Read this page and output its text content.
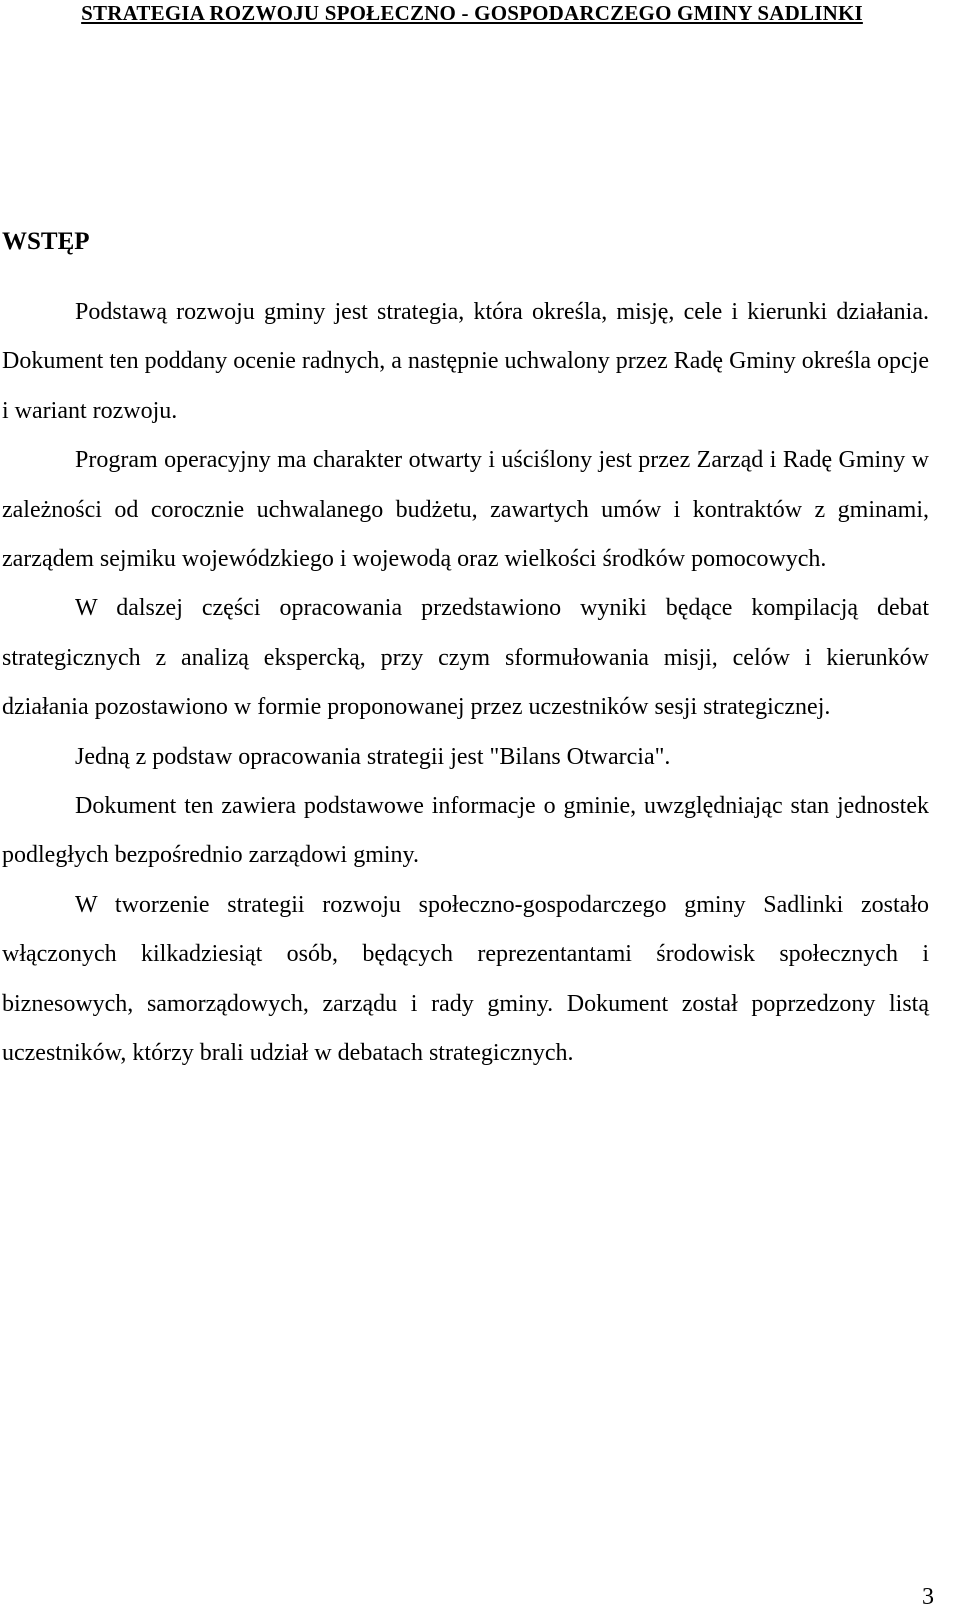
STRATEGIA ROZWOJU SPOŁECZNO - GOSPODARCZEGO GMINY SADLINKI
WSTĘP

Podstawą rozwoju gminy jest strategia, która określa, misję, cele i kierunki działania. Dokument ten poddany ocenie radnych, a następnie uchwalony przez Radę Gminy określa opcje i wariant rozwoju.

Program operacyjny ma charakter otwarty i uściślony jest przez Zarząd i Radę Gminy w zależności od corocznie uchwalanego budżetu, zawartych umów i kontraktów z gminami, zarządem sejmiku wojewódzkiego i wojewodą oraz wielkości środków pomocowych.

W dalszej części opracowania przedstawiono wyniki będące kompilacją debat strategicznych z analizą ekspercką, przy czym sformułowania misji, celów i kierunków działania pozostawiono w formie proponowanej przez uczestników sesji strategicznej.

Jedną z podstaw opracowania strategii jest "Bilans Otwarcia".

Dokument ten zawiera podstawowe informacje o gminie, uwzględniając stan jednostek podległych bezpośrednio zarządowi gminy.

W tworzenie strategii rozwoju społeczno-gospodarczego gminy Sadlinki zostało włączonych kilkadziesiąt osób, będących reprezentantami środowisk społecznych i biznesowych, samorządowych, zarządu i rady gminy. Dokument został poprzedzony listą uczestników, którzy brali udział w debatach strategicznych.

3
